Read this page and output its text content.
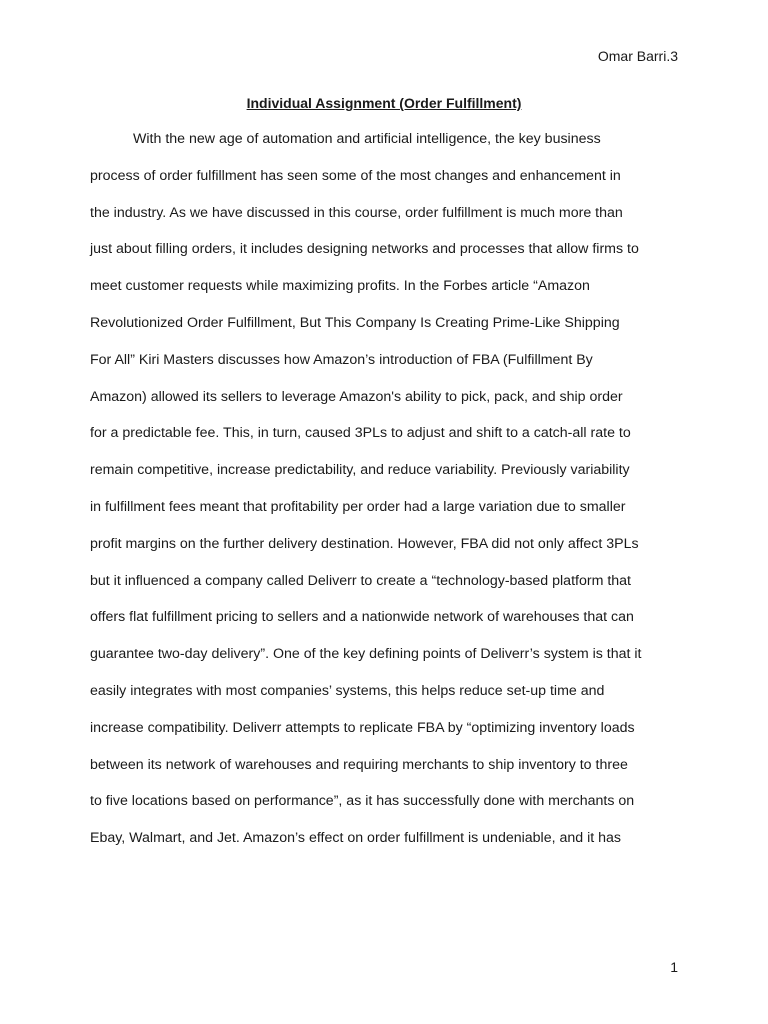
Omar Barri.3
Individual Assignment (Order Fulfillment)
With the new age of automation and artificial intelligence, the key business
process of order fulfillment has seen some of the most changes and enhancement in
the industry. As we have discussed in this course, order fulfillment is much more than
just about filling orders, it includes designing networks and processes that allow firms to
meet customer requests while maximizing profits. In the Forbes article “Amazon
Revolutionized Order Fulfillment, But This Company Is Creating Prime-Like Shipping
For All” Kiri Masters discusses how Amazon’s introduction of FBA (Fulfillment By
Amazon) allowed its sellers to leverage Amazon's ability to pick, pack, and ship order
for a predictable fee. This, in turn, caused 3PLs to adjust and shift to a catch-all rate to
remain competitive, increase predictability, and reduce variability. Previously variability
in fulfillment fees meant that profitability per order had a large variation due to smaller
profit margins on the further delivery destination. However, FBA did not only affect 3PLs
but it influenced a company called Deliverr to create a “technology-based platform that
offers flat fulfillment pricing to sellers and a nationwide network of warehouses that can
guarantee two-day delivery”. One of the key defining points of Deliverr’s system is that it
easily integrates with most companies’ systems, this helps reduce set-up time and
increase compatibility. Deliverr attempts to replicate FBA by “optimizing inventory loads
between its network of warehouses and requiring merchants to ship inventory to three
to five locations based on performance”, as it has successfully done with merchants on
Ebay, Walmart, and Jet. Amazon’s effect on order fulfillment is undeniable, and it has
1
